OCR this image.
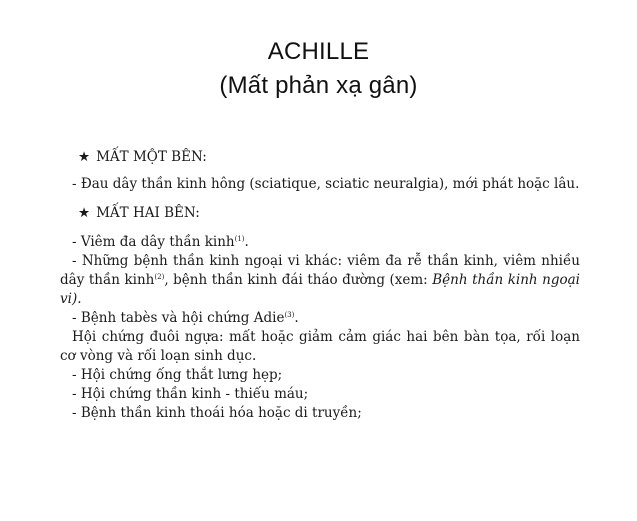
ACHILLE
(Mất phản xạ gân)

★ MẤT MỘT BÊN:

- Đau dây thần kinh hông (sciatique, sciatic neuralgia), mới phát hoặc lâu.

★ MẤT HAI BÊN:

- Viêm đa dây thần kinh$^{(1)}$.

- Những bệnh thần kinh ngoại vi khác: viêm đa rễ thần kinh, viêm nhiều dây thần kinh$^{(2)}$, bệnh thần kinh đái tháo đường (xem: Bệnh thần kinh ngoại vi).

- Bệnh tabès và hội chứng Adie$^{(3)}$.

Hội chứng đuôi ngựa: mất hoặc giảm cảm giác hai bên bàn tọa, rối loạn cơ vòng và rối loạn sinh dục.

- Hội chứng ống thắt lưng hẹp;

- Hội chứng thần kinh - thiếu máu;

- Bệnh thần kinh thoái hóa hoặc di truyền;
